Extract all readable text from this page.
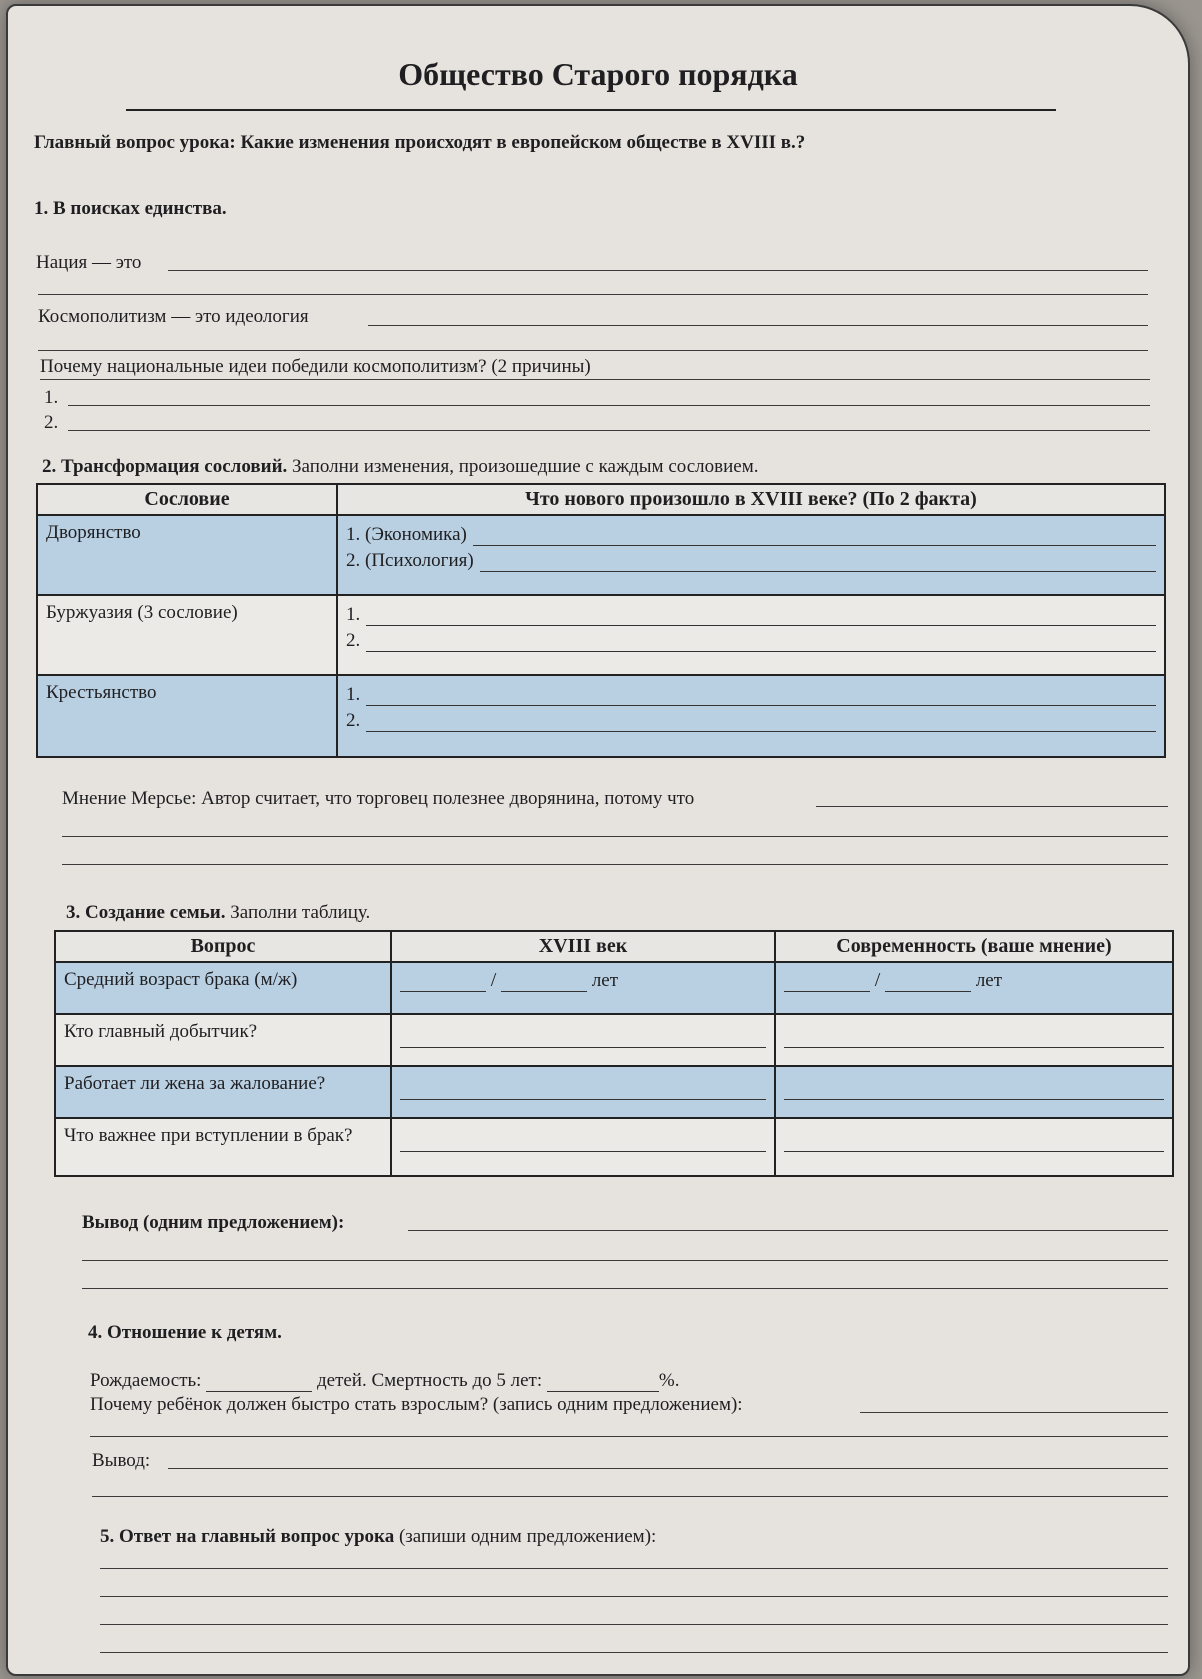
Общество Старого порядка
Главный вопрос урока: Какие изменения происходят в европейском обществе в XVIII в.?
1. В поисках единства.
Нация — это
Космополитизм — это идеология
Почему национальные идеи победили космополитизм? (2 причины)
1.
2.
2. Трансформация сословий. Заполни изменения, произошедшие с каждым сословием.
Сословие	Что нового произошло в XVIII веке? (По 2 факта)
Дворянство	1. (Экономика)
2. (Психология)

Буржуазия (3 сословие)	1.
2.

Крестьянство	1.
2.
Мнение Мерсье: Автор считает, что торговец полезнее дворянина, потому что
3. Создание семьи. Заполни таблицу.
Вопрос	XVIII век	Современность (ваше мнение)
Средний возраст брака (м/ж)	/ лет	/ лет
Кто главный добытчик?	

Работает ли жена за жалование?	

Что важнее при вступлении в брак?	

Вывод (одним предложением):
4. Отношение к детям.
Рождаемость:	детей. Смертность до 5 лет:	%.
Почему ребёнок должен быстро стать взрослым? (запись одним предложением):
Вывод:
5. Ответ на главный вопрос урока (запиши одним предложением):
